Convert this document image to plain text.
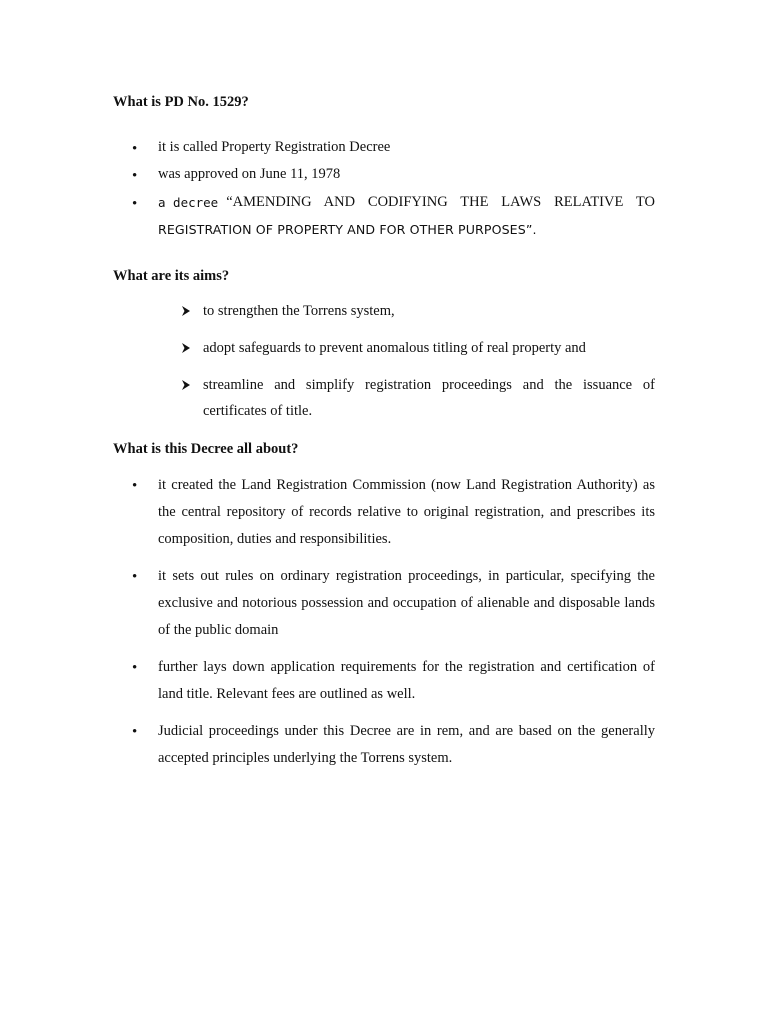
What is PD No. 1529?
• it is called Property Registration Decree
• was approved on June 11, 1978
• a decree “AMENDING AND CODIFYING THE LAWS RELATIVE TO
REGISTRATION OF PROPERTY AND FOR OTHER PURPOSES”.
What are its aims?
to strengthen the Torrens system,
adopt safeguards to prevent anomalous titling of real property and
streamline and simplify registration proceedings and the issuance of certificates of title.
What is this Decree all about?
• it created the Land Registration Commission (now Land Registration Authority) as the central repository of records relative to original registration, and prescribes its composition, duties and responsibilities.
• it sets out rules on ordinary registration proceedings, in particular, specifying the exclusive and notorious possession and occupation of alienable and disposable lands of the public domain
• further lays down application requirements for the registration and certification of land title. Relevant fees are outlined as well.
• Judicial proceedings under this Decree are in rem, and are based on the generally accepted principles underlying the Torrens system.
